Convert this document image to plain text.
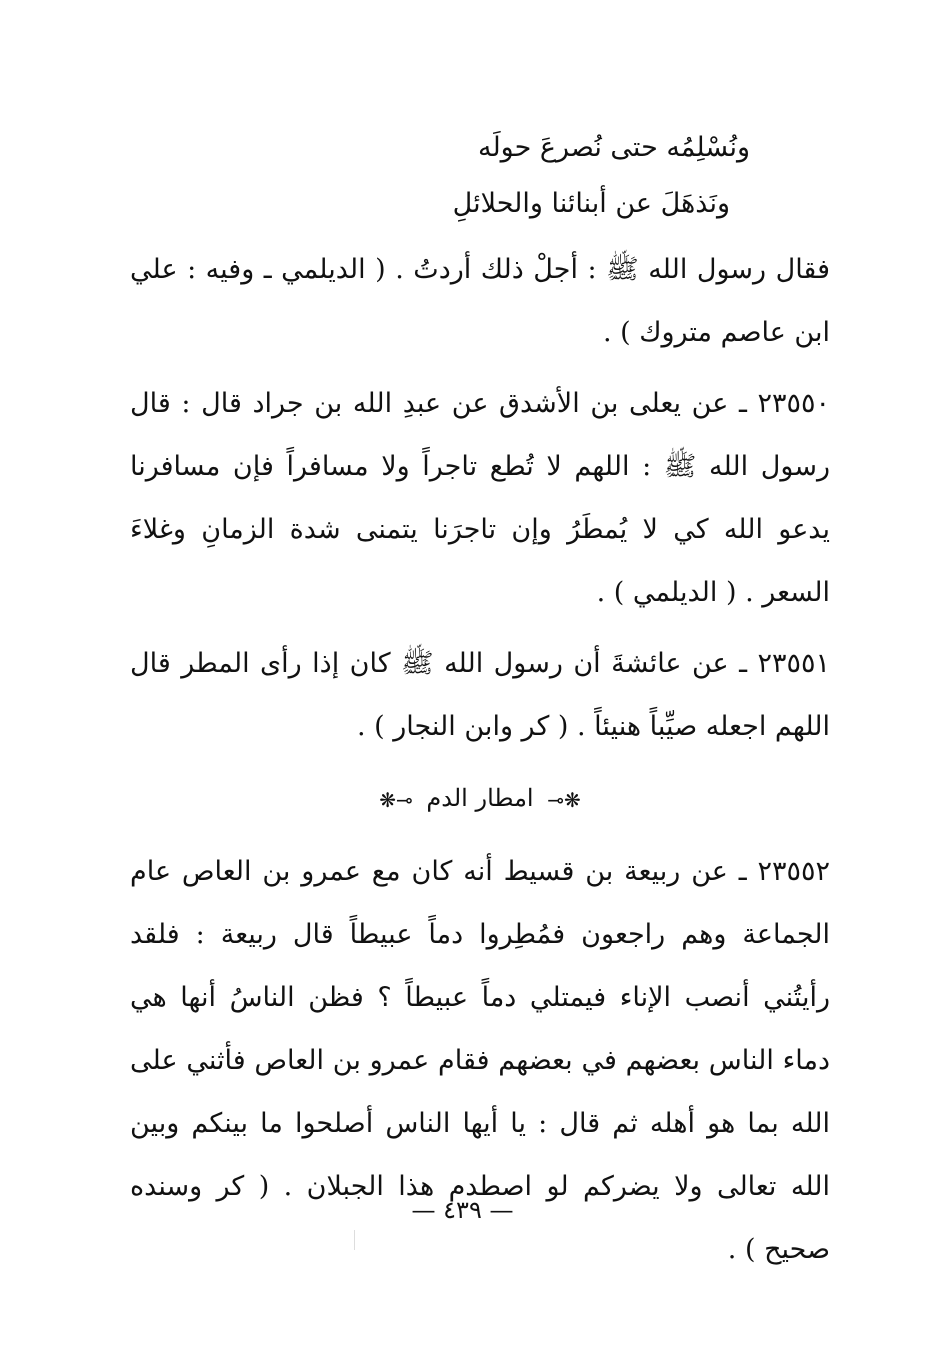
ونُسْلِمُه حتى نُصرعَ حولَه
ونَذهَلَ عن أبنائنا والحلائلِ

فقال رسول الله ﷺ : أجلْ ذلك أردتُ . ( الديلمي ـ وفيه : علي ابن عاصم متروك ) .

٢٣٥٥٠ ـ عن يعلى بن الأشدق عن عبدِ الله بن جراد قال : قال رسول الله ﷺ : اللهم لا تُطع تاجراً ولا مسافراً فإن مسافرنا يدعو الله كي لا يُمطَرُ وإن تاجرَنا يتمنى شدة الزمانِ وغلاءَ السعر . ( الديلمي ) .

٢٣٥٥١ ـ عن عائشةَ أن رسول الله ﷺ كان إذا رأى المطر قال اللهم اجعله صيِّباً هنيئاً . ( كر وابن النجار ) .

❋⟜ امطار الدم ⊸❋

٢٣٥٥٢ ـ عن ربيعة بن قسيط أنه كان مع عمرو بن العاص عام الجماعة وهم راجعون فمُطِروا دماً عبيطاً قال ربيعة : فلقد رأيتُني أنصب الإناء فيمتلي دماً عبيطاً ؟ فظن الناسُ أنها هي دماء الناس بعضهم في بعضهم فقام عمرو بن العاص فأثني على الله بما هو أهله ثم قال : يا أيها الناس أصلحوا ما بينكم وبين الله تعالى ولا يضركم لو اصطدم هذا الجبلان . ( كر وسنده صحيح ) .

— ٤٣٩ —
